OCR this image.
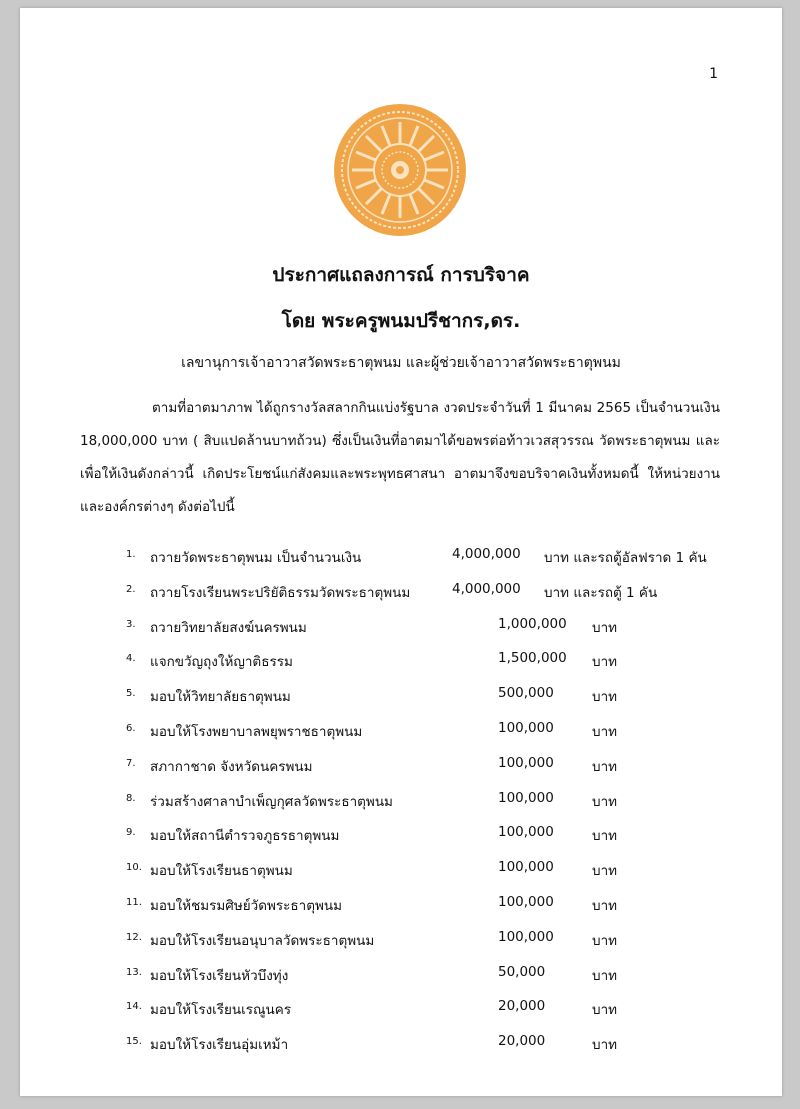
1
ประกาศแถลงการณ์ การบริจาค
โดย พระครูพนมปรีชากร,ดร.
เลขานุการเจ้าอาวาสวัดพระธาตุพนม และผู้ช่วยเจ้าอาวาสวัดพระธาตุพนม
ตามที่อาตมาภาพ ได้ถูกรางวัลสลากกินแบ่งรัฐบาล งวดประจำวันที่ 1 มีนาคม 2565 เป็นจำนวนเงิน 18,000,000 บาท ( สิบแปดล้านบาทถ้วน) ซึ่งเป็นเงินที่อาตมาได้ขอพรต่อท้าวเวสสุวรรณ วัดพระธาตุพนม และเพื่อให้เงินดังกล่าวนี้ เกิดประโยชน์แก่สังคมและพระพุทธศาสนา อาตมาจึงขอบริจาคเงินทั้งหมดนี้ ให้หน่วยงานและองค์กรต่างๆ ดังต่อไปนี้
1.	ถวายวัดพระธาตุพนม เป็นจำนวนเงิน	4,000,000 บาท และรถตู้อัลฟราด 1 คัน
2.	ถวายโรงเรียนพระปริยัติธรรมวัดพระธาตุพนม	4,000,000 บาท และรถตู้ 1 คัน
3.	ถวายวิทยาลัยสงฆ์นครพนม	1,000,000 บาท
4.	แจกขวัญถุงให้ญาติธรรม	1,500,000 บาท
5.	มอบให้วิทยาลัยธาตุพนม	500,000	บาท
6.	มอบให้โรงพยาบาลพยุพราชธาตุพนม	100,000	บาท
7.	สภากาชาด จังหวัดนครพนม	100,000	บาท
8.	ร่วมสร้างศาลาบำเพ็ญกุศลวัดพระธาตุพนม	100,000	บาท
9.	มอบให้สถานีตำรวจภูธรธาตุพนม	100,000	บาท
10. มอบให้โรงเรียนธาตุพนม	100,000	บาท
11. มอบให้ชมรมศิษย์วัดพระธาตุพนม	100,000	บาท
12. มอบให้โรงเรียนอนุบาลวัดพระธาตุพนม	100,000	บาท
13. มอบให้โรงเรียนหัวบึงทุ่ง	50,000	บาท
14. มอบให้โรงเรียนเรณูนคร	20,000	บาท
15. มอบให้โรงเรียนอุ่มเหม้า	20,000	บาท
